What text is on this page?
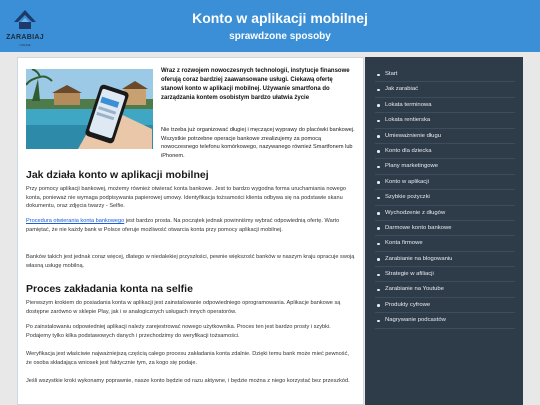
ZARABIAJ
ONLINE
Konto w aplikacji mobilnej
sprawdzone sposoby
Wraz z rozwojem nowoczesnych technologii, instytucje finansowe oferują coraz bardziej zaawansowane usługi. Ciekawą ofertę stanowi konto w aplikacji mobilnej. Używanie smartfona do zarządzania kontem osobistym bardzo ułatwia życie
Nie trzeba już organizować długiej i męczącej wyprawy do placówki bankowej. Wszystkie potrzebne operacje bankowe zrealizujemy za pomocą nowoczesnego telefonu komórkowego, nazywanego również Smartfonem lub iPhonem.
Jak działa konto w aplikacji mobilnej

Przy pomocy aplikacji bankowej, możemy również otwierać konta bankowe. Jest to bardzo wygodna forma uruchamiania nowego konta, ponieważ nie wymaga podpisywania papierowej umowy. Identyfikacja tożsamości klienta odbywa się na podstawie skanu dokumentu, oraz zdjęcia twarzy - Selfie.

Procedura otwierania konta bankowego jest bardzo prosta. Na początek jednak powinniśmy wybrać odpowiednią ofertę. Warto pamiętać, że nie każdy bank w Polsce oferuje możliwość otwarcia konta przy pomocy aplikacji mobilnej.

Banków takich jest jednak coraz więcej, dlatego w niedalekiej przyszłości, pewnie większość banków w naszym kraju opracuje swoją własną usługę mobilną.

Proces zakładania konta na selfie

Pierwszym krokiem do posiadania konta w aplikacji jest zainstalowanie odpowiedniego oprogramowania. Aplikacje bankowe są dostępne zarówno w sklepie Play, jak i w analogicznych usługach innych operatorów.

Po zainstalowaniu odpowiedniej aplikacji należy zarejestrować nowego użytkownika. Proces ten jest bardzo prosty i szybki. Podajemy tylko kilka podstawowych danych i przechodzimy do weryfikacji tożsamości.

Weryfikacja jest właściwie najważniejszą częścią całego procesu zakładania konta zdalnie. Dzięki temu bank może mieć pewność, że osoba składająca wniosek jest faktycznie tym, za kogo się podaje.

Jeśli wszystkie kroki wykonamy poprawnie, nasze konto będzie od razu aktywne, i będzie można z niego korzystać bez przeszkód.

Start
Jak zarabiać
Lokata terminowa
Lokata rentierska
Umieważnienie długu
Konto dla dziecka
Plany marketingowe
Konto w aplikacji
Szybkie pożyczki
Wychodzenie z długów
Darmowe konto bankowe
Konta firmowe
Zarabianie na blogowaniu
Strategie w afiliacji
Zarabianie na Youtube
Produkty cyfrowe
Nagrywanie podcastów
